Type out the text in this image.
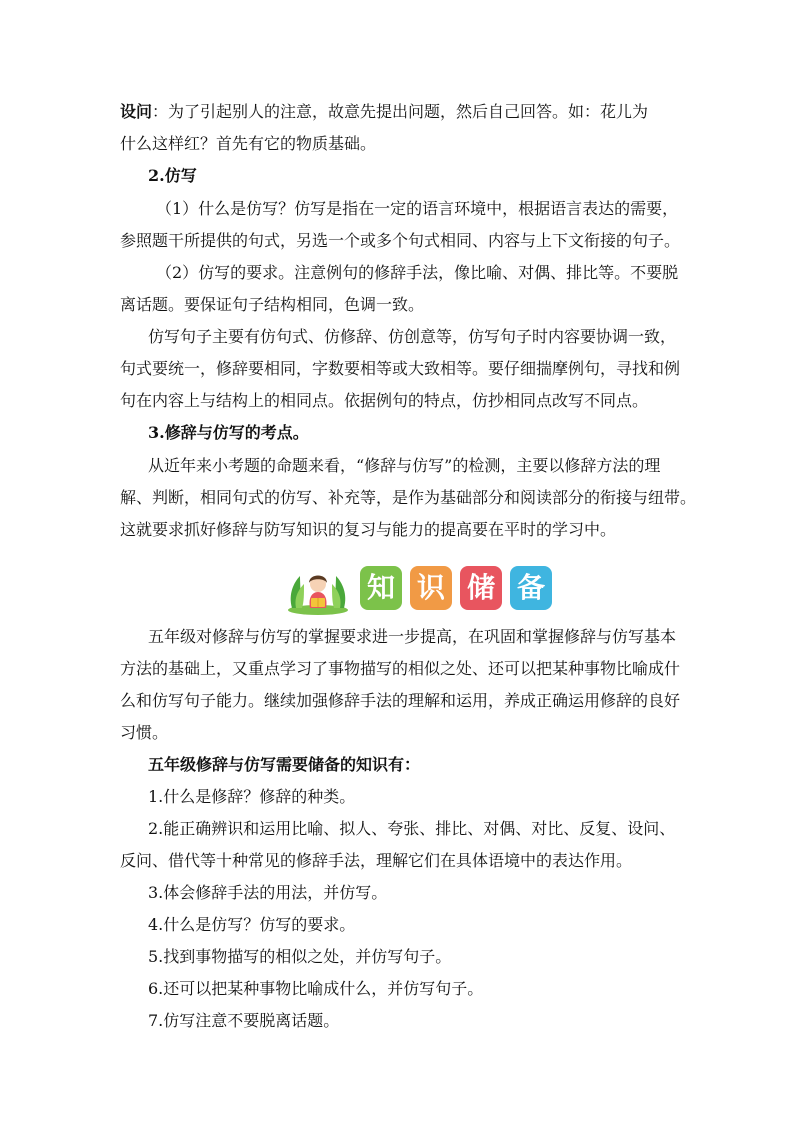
设问：为了引起别人的注意，故意先提出问题，然后自己回答。如：花儿为
什么这样红？首先有它的物质基础。
2.仿写
（1）什么是仿写？仿写是指在一定的语言环境中，根据语言表达的需要，
参照题干所提供的句式，另选一个或多个句式相同、内容与上下文衔接的句子。
（2）仿写的要求。注意例句的修辞手法，像比喻、对偶、排比等。不要脱
离话题。要保证句子结构相同，色调一致。
仿写句子主要有仿句式、仿修辞、仿创意等，仿写句子时内容要协调一致，
句式要统一，修辞要相同，字数要相等或大致相等。要仔细揣摩例句，寻找和例
句在内容上与结构上的相同点。依据例句的特点，仿抄相同点改写不同点。
3.修辞与仿写的考点。
从近年来小考题的命题来看，“修辞与仿写”的检测，主要以修辞方法的理
解、判断，相同句式的仿写、补充等，是作为基础部分和阅读部分的衔接与纽带。
这就要求抓好修辞与防写知识的复习与能力的提高要在平时的学习中。
知 识 储 备
五年级对修辞与仿写的掌握要求进一步提高，在巩固和掌握修辞与仿写基本
方法的基础上，又重点学习了事物描写的相似之处、还可以把某种事物比喻成什
么和仿写句子能力。继续加强修辞手法的理解和运用，养成正确运用修辞的良好
习惯。
五年级修辞与仿写需要储备的知识有：
1.什么是修辞？修辞的种类。
2.能正确辨识和运用比喻、拟人、夸张、排比、对偶、对比、反复、设问、
反问、借代等十种常见的修辞手法，理解它们在具体语境中的表达作用。
3.体会修辞手法的用法，并仿写。
4.什么是仿写？仿写的要求。
5.找到事物描写的相似之处，并仿写句子。
6.还可以把某种事物比喻成什么，并仿写句子。
7.仿写注意不要脱离话题。
